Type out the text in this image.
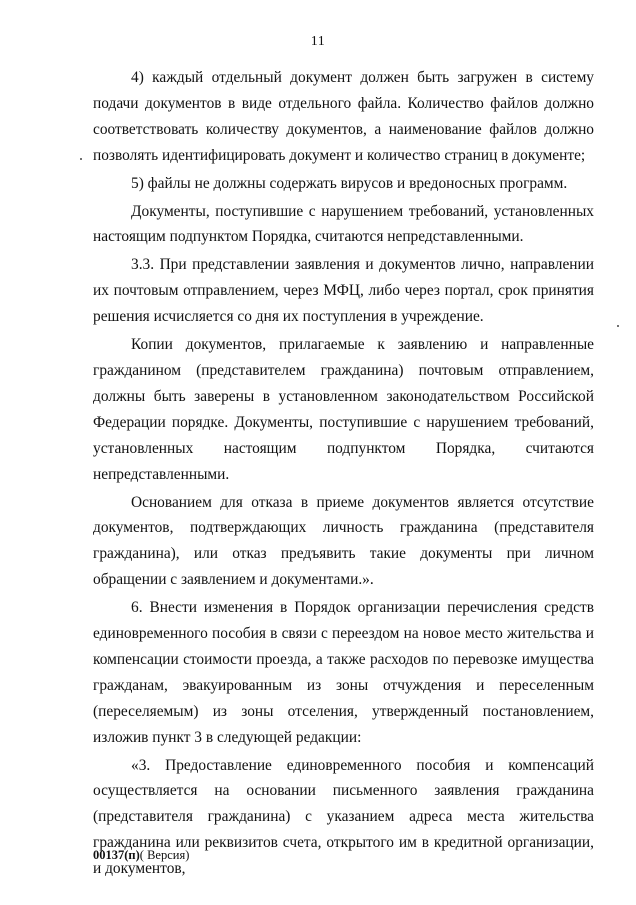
11

4) каждый отдельный документ должен быть загружен в систему подачи документов в виде отдельного файла. Количество файлов должно соответствовать количеству документов, а наименование файлов должно позволять идентифицировать документ и количество страниц в документе;

5) файлы не должны содержать вирусов и вредоносных программ.

Документы, поступившие с нарушением требований, установленных настоящим подпунктом Порядка, считаются непредставленными.

3.3. При представлении заявления и документов лично, направлении их почтовым отправлением, через МФЦ, либо через портал, срок принятия решения исчисляется со дня их поступления в учреждение.

Копии документов, прилагаемые к заявлению и направленные гражданином (представителем гражданина) почтовым отправлением, должны быть заверены в установленном законодательством Российской Федерации порядке. Документы, поступившие с нарушением требований, установленных настоящим подпунктом Порядка, считаются непредставленными.

Основанием для отказа в приеме документов является отсутствие документов, подтверждающих личность гражданина (представителя гражданина), или отказ предъявить такие документы при личном обращении с заявлением и документами.».

6. Внести изменения в Порядок организации перечисления средств единовременного пособия в связи с переездом на новое место жительства и компенсации стоимости проезда, а также расходов по перевозке имущества гражданам, эвакуированным из зоны отчуждения и переселенным (переселяемым) из зоны отселения, утвержденный постановлением, изложив пункт 3 в следующей редакции:

«3. Предоставление единовременного пособия и компенсаций осуществляется на основании письменного заявления гражданина (представителя гражданина) с указанием адреса места жительства гражданина или реквизитов счета, открытого им в кредитной организации, и документов,

00137(п)( Версия)
